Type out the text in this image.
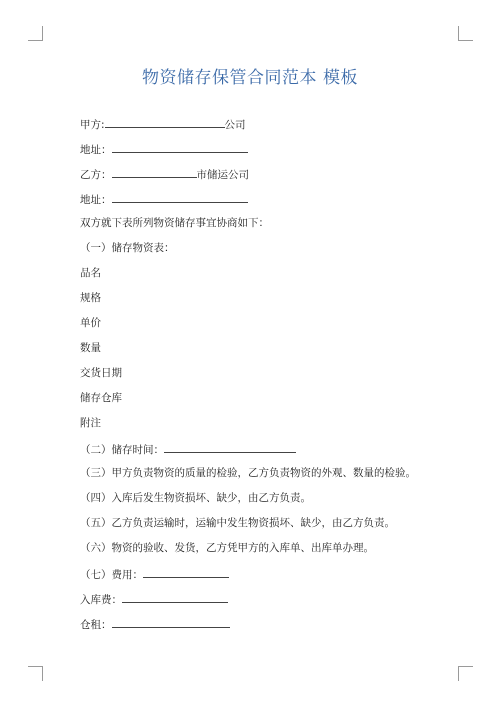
物资储存保管合同范本 模板
甲方:	公司
地址：
乙方：	市储运公司
地址：
双方就下表所列物资储存事宜协商如下：
（一）储存物资表：
品名
规格
单价
数量
交货日期
储存仓库
附注
（二）储存时间：
（三）甲方负责物资的质量的检验，乙方负责物资的外观、数量的检验。
（四）入库后发生物资损坏、缺少，由乙方负责。
（五）乙方负责运输时，运输中发生物资损坏、缺少，由乙方负责。
（六）物资的验收、发货，乙方凭甲方的入库单、出库单办理。
（七）费用：
入库费：
仓租：
